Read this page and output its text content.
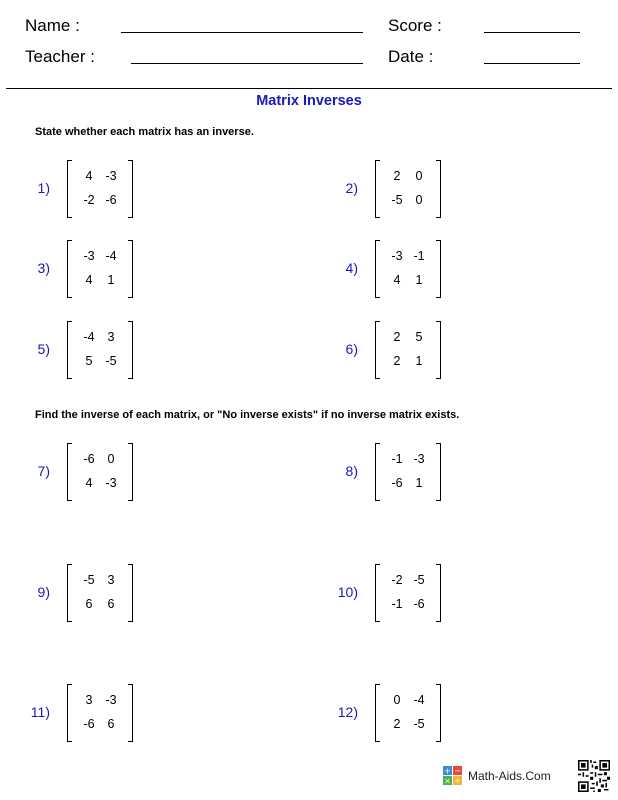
Name :	Score :
Teacher :	Date :
Matrix Inverses
State whether each matrix has an inverse.
1)
4	-3
-2 -6
2)
2	0
-5	0
3)
-3 -4
4	1
4)
-3 -1
4	1
5)
-4	3
5	-5
6)
2	5
2	1
Find the inverse of each matrix, or "No inverse exists" if no inverse matrix exists.
7)
-6	0
4	-3
8)
-1 -3
-6	1
9)
-5	3
6	6
10)
-2 -5
-1 -6
11)
3	-3
-6	6
12)
0	-4
2	-5
+ −
× ÷ Math-Aids.Com
